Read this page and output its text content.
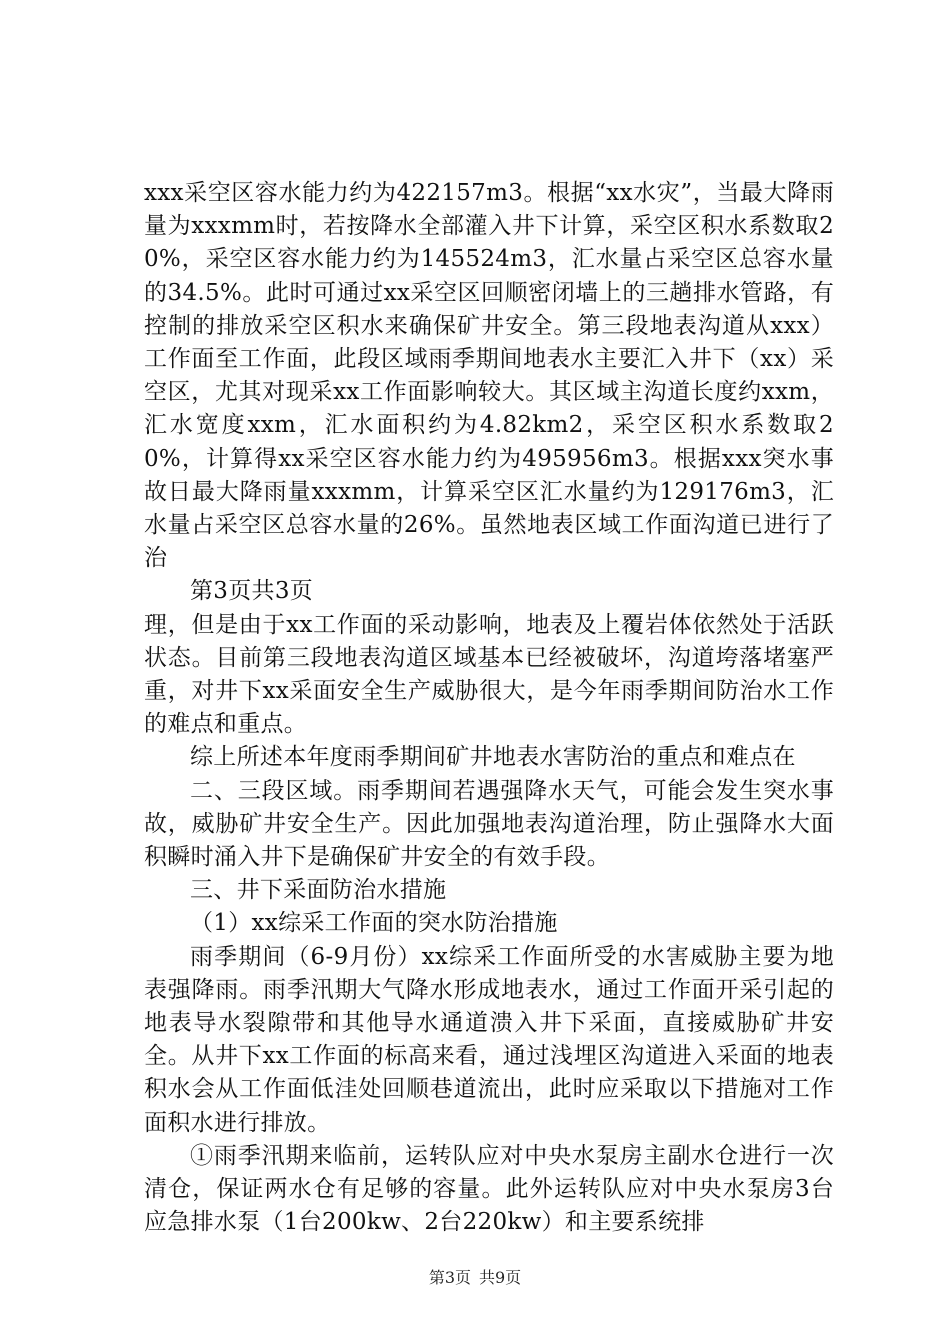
xxx采空区容水能力约为422157m3。根据“xx水灾”，当最大降雨量为xxxmm时，若按降水全部灌入井下计算，采空区积水系数取20%，采空区容水能力约为145524m3，汇水量占采空区总容水量的34.5%。此时可通过xx采空区回顺密闭墙上的三趟排水管路，有控制的排放采空区积水来确保矿井安全。第三段地表沟道从xxx）工作面至工作面，此段区域雨季期间地表水主要汇入井下（xx）采空区，尤其对现采xx工作面影响较大。其区域主沟道长度约xxm，汇水宽度xxm，汇水面积约为4.82km2，采空区积水系数取20%，计算得xx采空区容水能力约为495956m3。根据xxx突水事故日最大降雨量xxxmm，计算采空区汇水量约为129176m3，汇水量占采空区总容水量的26%。虽然地表区域工作面沟道已进行了治

第3页共3页

理，但是由于xx工作面的采动影响，地表及上覆岩体依然处于活跃状态。目前第三段地表沟道区域基本已经被破坏，沟道垮落堵塞严重，对井下xx采面安全生产威胁很大，是今年雨季期间防治水工作的难点和重点。

综上所述本年度雨季期间矿井地表水害防治的重点和难点在

二、三段区域。雨季期间若遇强降水天气，可能会发生突水事故，威胁矿井安全生产。因此加强地表沟道治理，防止强降水大面积瞬时涌入井下是确保矿井安全的有效手段。

三、井下采面防治水措施

（1）xx综采工作面的突水防治措施

雨季期间（6-9月份）xx综采工作面所受的水害威胁主要为地表强降雨。雨季汛期大气降水形成地表水，通过工作面开采引起的地表导水裂隙带和其他导水通道溃入井下采面，直接威胁矿井安全。从井下xx工作面的标高来看，通过浅埋区沟道进入采面的地表积水会从工作面低洼处回顺巷道流出，此时应采取以下措施对工作面积水进行排放。

①雨季汛期来临前，运转队应对中央水泵房主副水仓进行一次清仓，保证两水仓有足够的容量。此外运转队应对中央水泵房3台应急排水泵（1台200kw、2台220kw）和主要系统排

第3页 共9页
